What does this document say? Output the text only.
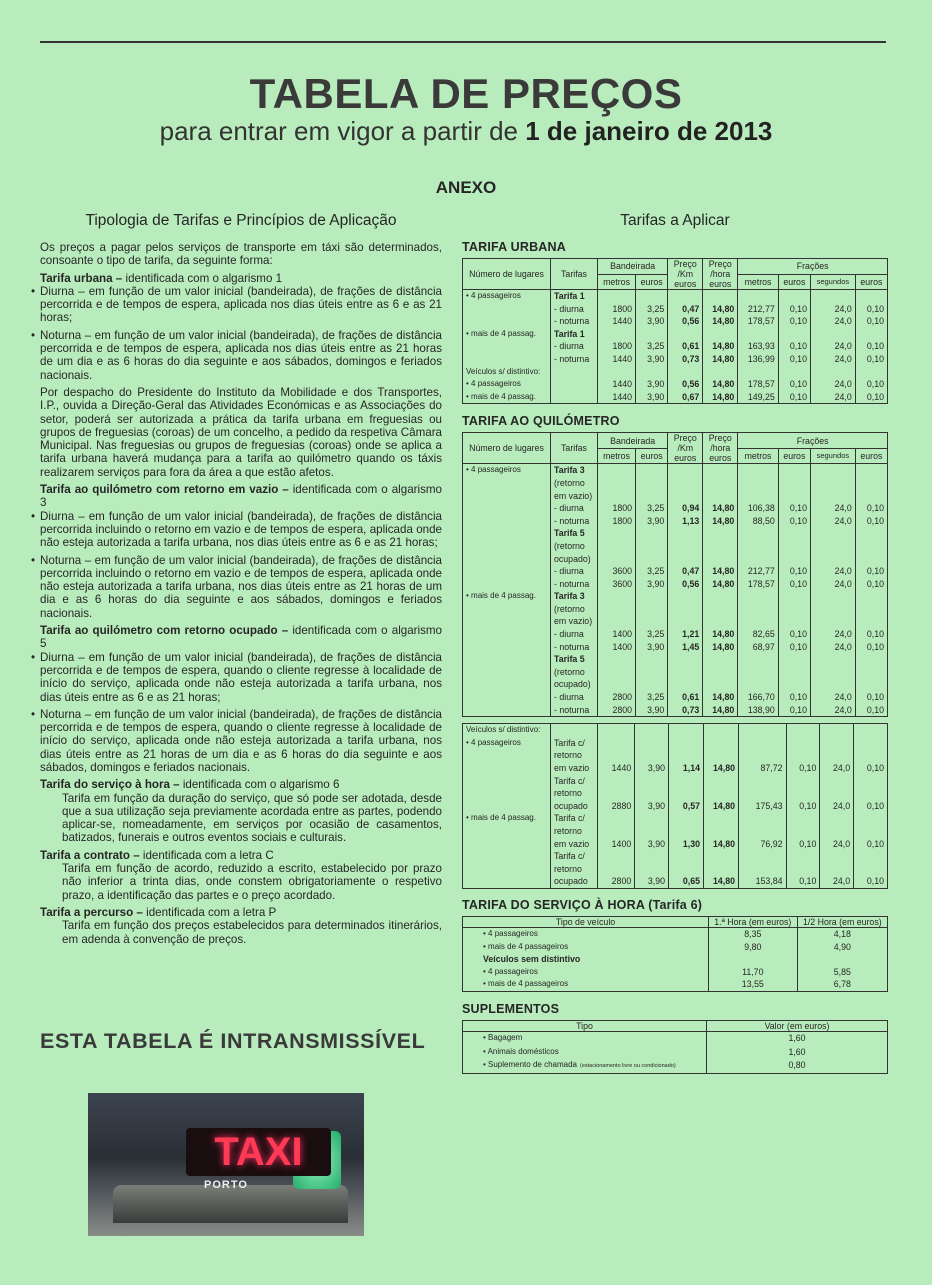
TABELA DE PREÇOS
para entrar em vigor a partir de 1 de janeiro de 2013
ANEXO
Tipologia de Tarifas e Princípios de Aplicação

Os preços a pagar pelos serviços de transporte em táxi são determinados, consoante o tipo de tarifa, da seguinte forma:

Tarifa urbana – identificada com o algarismo 1

• Diurna – em função de um valor inicial (bandeirada), de frações de distância percorrida e de tempos de espera, aplicada nos dias úteis entre as 6 e as 21 horas;

• Noturna – em função de um valor inicial (bandeirada), de frações de distância percorrida e de tempos de espera, aplicada nos dias úteis entre as 21 horas de um dia e as 6 horas do dia seguinte e aos sábados, domingos e feriados nacionais.

Por despacho do Presidente do Instituto da Mobilidade e dos Transportes, I.P., ouvida a Direção-Geral das Atividades Económicas e as Associações do setor, poderá ser autorizada a prática da tarifa urbana em freguesias ou grupos de freguesias (coroas) de um concelho, a pedido da respetiva Câmara Municipal. Nas freguesias ou grupos de freguesias (coroas) onde se aplica a tarifa urbana haverá mudança para a tarifa ao quilómetro quando os táxis realizarem serviços para fora da área a que estão afetos.

Tarifa ao quilómetro com retorno em vazio – identificada com o algarismo 3

• Diurna – em função de um valor inicial (bandeirada), de frações de distância percorrida incluindo o retorno em vazio e de tempos de espera, aplicada onde não esteja autorizada a tarifa urbana, nos dias úteis entre as 6 e as 21 horas;

• Noturna – em função de um valor inicial (bandeirada), de frações de distância percorrida incluindo o retorno em vazio e de tempos de espera, aplicada onde não esteja autorizada a tarifa urbana, nos dias úteis entre as 21 horas de um dia e as 6 horas do dia seguinte e aos sábados, domingos e feriados nacionais.

Tarifa ao quilómetro com retorno ocupado – identificada com o algarismo 5

• Diurna – em função de um valor inicial (bandeirada), de frações de distância percorrida e de tempos de espera, quando o cliente regresse à localidade de início do serviço, aplicada onde não esteja autorizada a tarifa urbana, nos dias úteis entre as 6 e as 21 horas;

• Noturna – em função de um valor inicial (bandeirada), de frações de distância percorrida e de tempos de espera, quando o cliente regresse à localidade de início do serviço, aplicada onde não esteja autorizada a tarifa urbana, nos dias úteis entre as 21 horas de um dia e as 6 horas do dia seguinte e aos sábados, domingos e feriados nacionais.

Tarifa do serviço à hora – identificada com o algarismo 6

Tarifa em função da duração do serviço, que só pode ser adotada, desde que a sua utilização seja previamente acordada entre as partes, podendo aplicar-se, nomeadamente, em serviços por ocasião de casamentos, batizados, funerais e outros eventos sociais e culturais.

Tarifa a contrato – identificada com a letra C

Tarifa em função de acordo, reduzido a escrito, estabelecido por prazo não inferior a trinta dias, onde constem obrigatoriamente o respetivo prazo, a identificação das partes e o preço acordado.

Tarifa a percurso – identificada com a letra P

Tarifa em função dos preços estabelecidos para determinados itinerários, em adenda à convenção de preços.

ESTA TABELA É INTRANSMISSÍVEL
TAXI
PORTO
Tarifas a Aplicar
TARIFA URBANA
Número de lugares	Tarifas	Bandeirada		Preço /Km euros	Preço /hora euros	Frações			
		metros	euros			metros	euros	segundos	euros
• 4 passageiros	Tarifa 1								
	- diurna	1800	3,25	0,47	14,80	212,77	0,10	24,0	0,10
	- noturna	1440	3,90	0,56	14,80	178,57	0,10	24,0	0,10
• mais de 4 passag.	Tarifa 1								
	- diurna	1800	3,25	0,61	14,80	163,93	0,10	24,0	0,10
	- noturna	1440	3,90	0,73	14,80	136,99	0,10	24,0	0,10
Veículos s/ distintivo:									
• 4 passageiros		1440	3,90	0,56	14,80	178,57	0,10	24,0	0,10
• mais de 4 passag.		1440	3,90	0,67	14,80	149,25	0,10	24,0	0,10
TARIFA AO QUILÓMETRO
Número de lugares	Tarifas	Bandeirada		Preço /Km euros	Preço /hora euros	Frações			
		metros	euros			metros	euros	segundos	euros
• 4 passageiros	Tarifa 3								
	(retorno								
	em vazio)								
	- diurna	1800	3,25	0,94	14,80	106,38	0,10	24,0	0,10
	- noturna	1800	3,90	1,13	14,80	88,50	0,10	24,0	0,10
	Tarifa 5								
	(retorno								
	ocupado)								
	- diurna	3600	3,25	0,47	14,80	212,77	0,10	24,0	0,10
	- noturna	3600	3,90	0,56	14,80	178,57	0,10	24,0	0,10
• mais de 4 passag.	Tarifa 3								
	(retorno								
	em vazio)								
	- diurna	1400	3,25	1,21	14,80	82,65	0,10	24,0	0,10
	- noturna	1400	3,90	1,45	14,80	68,97	0,10	24,0	0,10
	Tarifa 5								
	(retorno								
	ocupado)								
	- diurna	2800	3,25	0,61	14,80	166,70	0,10	24,0	0,10
	- noturna	2800	3,90	0,73	14,80	138,90	0,10	24,0	0,10
Veículos s/ distintivo:									
• 4 passageiros	Tarifa c/								
	retorno								
	em vazio	1440	3,90	1,14	14,80	87,72	0,10	24,0	0,10
	Tarifa c/								
	retorno								
	ocupado	2880	3,90	0,57	14,80	175,43	0,10	24,0	0,10
• mais de 4 passag.	Tarifa c/								
	retorno								
	em vazio	1400	3,90	1,30	14,80	76,92	0,10	24,0	0,10
	Tarifa c/								
	retorno								
	ocupado	2800	3,90	0,65	14,80	153,84	0,10	24,0	0,10
TARIFA DO SERVIÇO À HORA (Tarifa 6)
Tipo de veículo	1.ª Hora (em euros)	1/2 Hora (em euros)
• 4 passageiros	8,35	4,18
• mais de 4 passageiros	9,80	4,90
Veículos sem distintivo		
• 4 passageiros	11,70	5,85
• mais de 4 passageiros	13,55	6,78
SUPLEMENTOS
Tipo	Valor (em euros)
• Bagagem	1,60
• Animais domésticos	1,60
• Suplemento de chamada (estacionamento livre ou condicionado)	0,80
